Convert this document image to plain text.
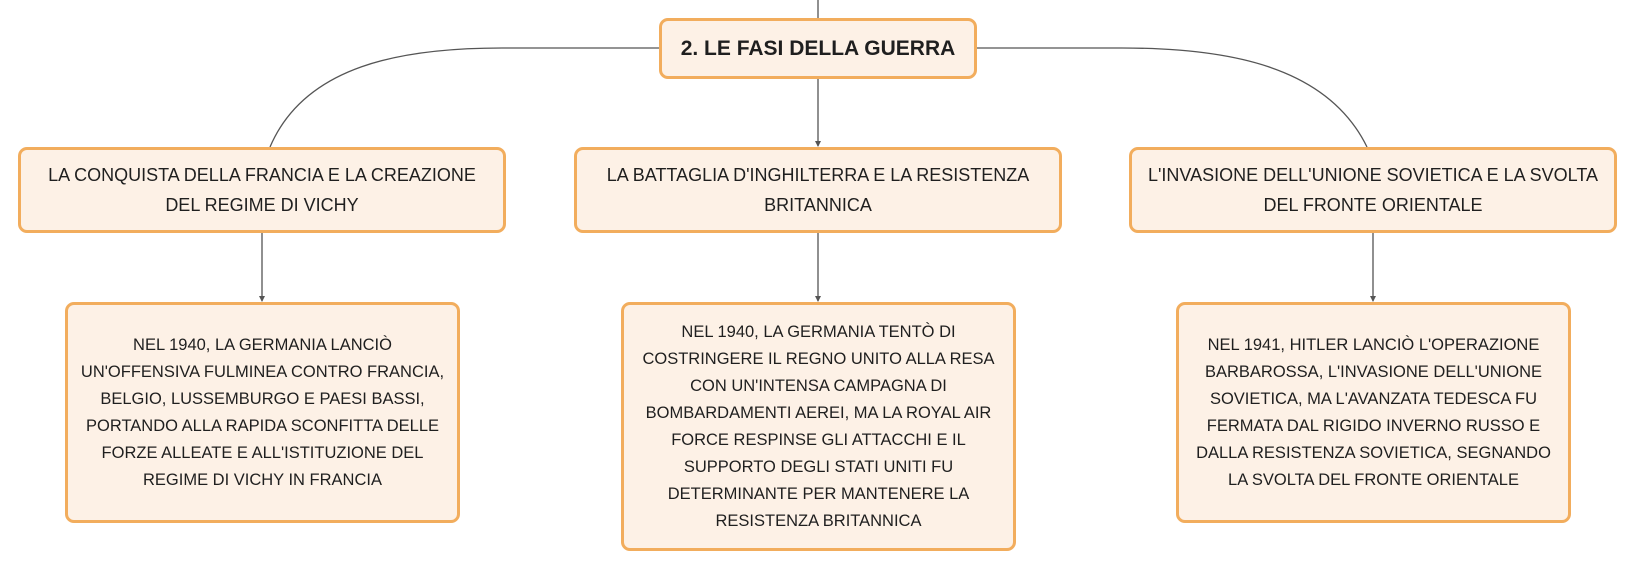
2. LE FASI DELLA GUERRA
LA CONQUISTA DELLA FRANCIA E LA CREAZIONE DEL REGIME DI VICHY
LA BATTAGLIA D'INGHILTERRA E LA RESISTENZA BRITANNICA
L'INVASIONE DELL'UNIONE SOVIETICA E LA SVOLTA DEL FRONTE ORIENTALE
NEL 1940, LA GERMANIA LANCIÒ UN'OFFENSIVA FULMINEA CONTRO FRANCIA, BELGIO, LUSSEMBURGO E PAESI BASSI, PORTANDO ALLA RAPIDA SCONFITTA DELLE FORZE ALLEATE E ALL'ISTITUZIONE DEL REGIME DI VICHY IN FRANCIA
NEL 1940, LA GERMANIA TENTÒ DI COSTRINGERE IL REGNO UNITO ALLA RESA CON UN'INTENSA CAMPAGNA DI BOMBARDAMENTI AEREI, MA LA ROYAL AIR FORCE RESPINSE GLI ATTACCHI E IL SUPPORTO DEGLI STATI UNITI FU DETERMINANTE PER MANTENERE LA RESISTENZA BRITANNICA
NEL 1941, HITLER LANCIÒ L'OPERAZIONE BARBAROSSA, L'INVASIONE DELL'UNIONE SOVIETICA, MA L'AVANZATA TEDESCA FU FERMATA DAL RIGIDO INVERNO RUSSO E DALLA RESISTENZA SOVIETICA, SEGNANDO LA SVOLTA DEL FRONTE ORIENTALE
